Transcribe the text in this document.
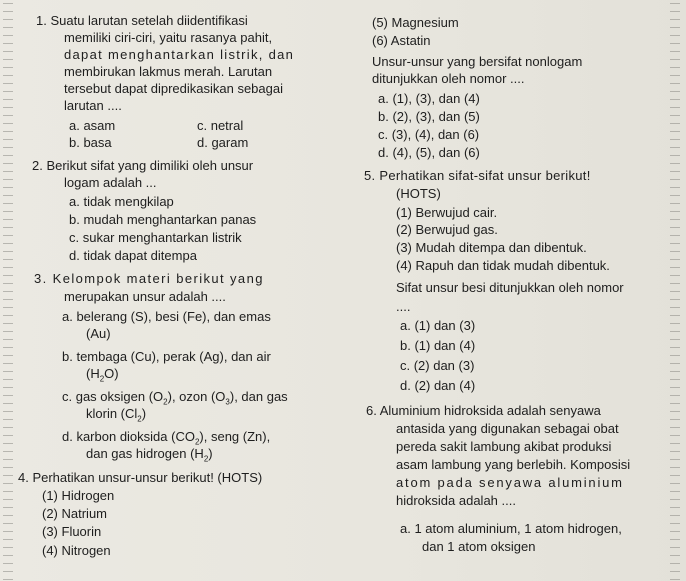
1. Suatu larutan setelah diidentifikasi
memiliki ciri-ciri, yaitu rasanya pahit,
dapat menghantarkan listrik, dan
membirukan lakmus merah. Larutan
tersebut dapat dipredikasikan sebagai
larutan ....
a. asam	c. netral
b. basa	d. garam
2. Berikut sifat yang dimiliki oleh unsur
logam adalah ...
a. tidak mengkilap
b. mudah menghantarkan panas
c. sukar menghantarkan listrik
d. tidak dapat ditempa
3. Kelompok materi berikut yang
merupakan unsur adalah ....
a. belerang (S), besi (Fe), dan emas
(Au)
b. tembaga (Cu), perak (Ag), dan air
$(H_2O)$
c. gas oksigen $(O_2)$, ozon $(O_3)$, dan gas
klorin $(Cl_2)$
d. karbon dioksida $(CO_2)$, seng (Zn),
dan gas hidrogen $(H_2)$
4. Perhatikan unsur-unsur berikut! (HOTS)
(1) Hidrogen
(2) Natrium
(3) Fluorin
(4) Nitrogen
(5) Magnesium
(6) Astatin
Unsur-unsur yang bersifat nonlogam
ditunjukkan oleh nomor ....
a. (1), (3), dan (4)
b. (2), (3), dan (5)
c. (3), (4), dan (6)
d. (4), (5), dan (6)
5. Perhatikan sifat-sifat unsur berikut!
(HOTS)
(1) Berwujud cair.
(2) Berwujud gas.
(3) Mudah ditempa dan dibentuk.
(4) Rapuh dan tidak mudah dibentuk.
Sifat unsur besi ditunjukkan oleh nomor
....
a. (1) dan (3)
b. (1) dan (4)
c. (2) dan (3)
d. (2) dan (4)
6. Aluminium hidroksida adalah senyawa
antasida yang digunakan sebagai obat
pereda sakit lambung akibat produksi
asam lambung yang berlebih. Komposisi
atom pada senyawa aluminium
hidroksida adalah ....
a. 1 atom aluminium, 1 atom hidrogen,
dan 1 atom oksigen
